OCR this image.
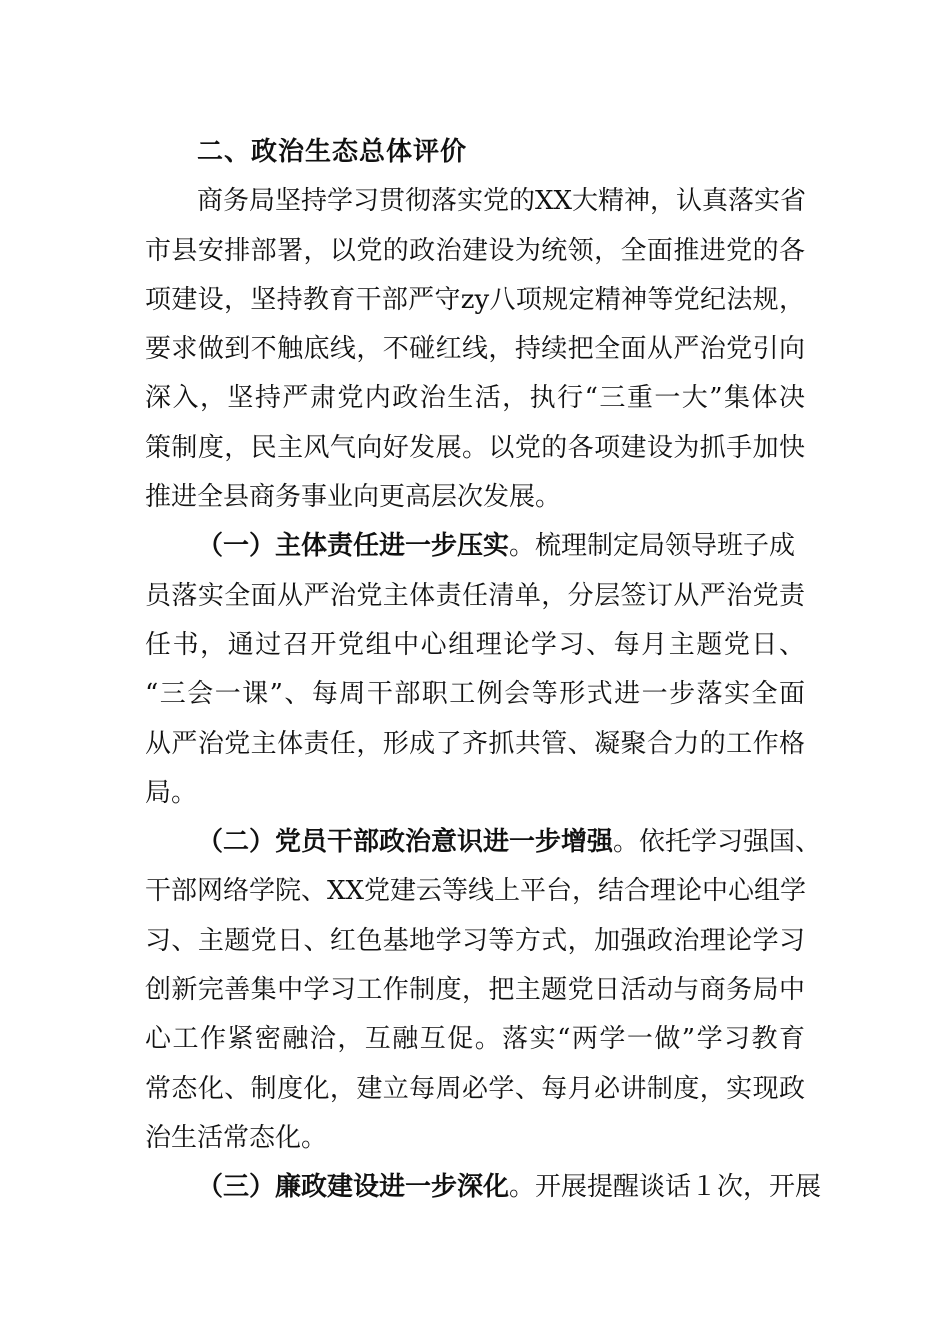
二、政治生态总体评价
商务局坚持学习贯彻落实党的XX大精神，认真落实省
市县安排部署，以党的政治建设为统领，全面推进党的各
项建设，坚持教育干部严守zy八项规定精神等党纪法规，
要求做到不触底线，不碰红线，持续把全面从严治党引向
深入，坚持严肃党内政治生活，执行“三重一大”集体决
策制度，民主风气向好发展。以党的各项建设为抓手加快
推进全县商务事业向更高层次发展。
（一）主体责任进一步压实。梳理制定局领导班子成
员落实全面从严治党主体责任清单，分层签订从严治党责
任书，通过召开党组中心组理论学习、每月主题党日、
“三会一课”、每周干部职工例会等形式进一步落实全面
从严治党主体责任，形成了齐抓共管、凝聚合力的工作格
局。
（二）党员干部政治意识进一步增强。依托学习强国、
干部网络学院、XX党建云等线上平台，结合理论中心组学
习、主题党日、红色基地学习等方式，加强政治理论学习
创新完善集中学习工作制度，把主题党日活动与商务局中
心工作紧密融洽，互融互促。落实“两学一做”学习教育
常态化、制度化，建立每周必学、每月必讲制度，实现政
治生活常态化。
（三）廉政建设进一步深化。开展提醒谈话１次，开展
